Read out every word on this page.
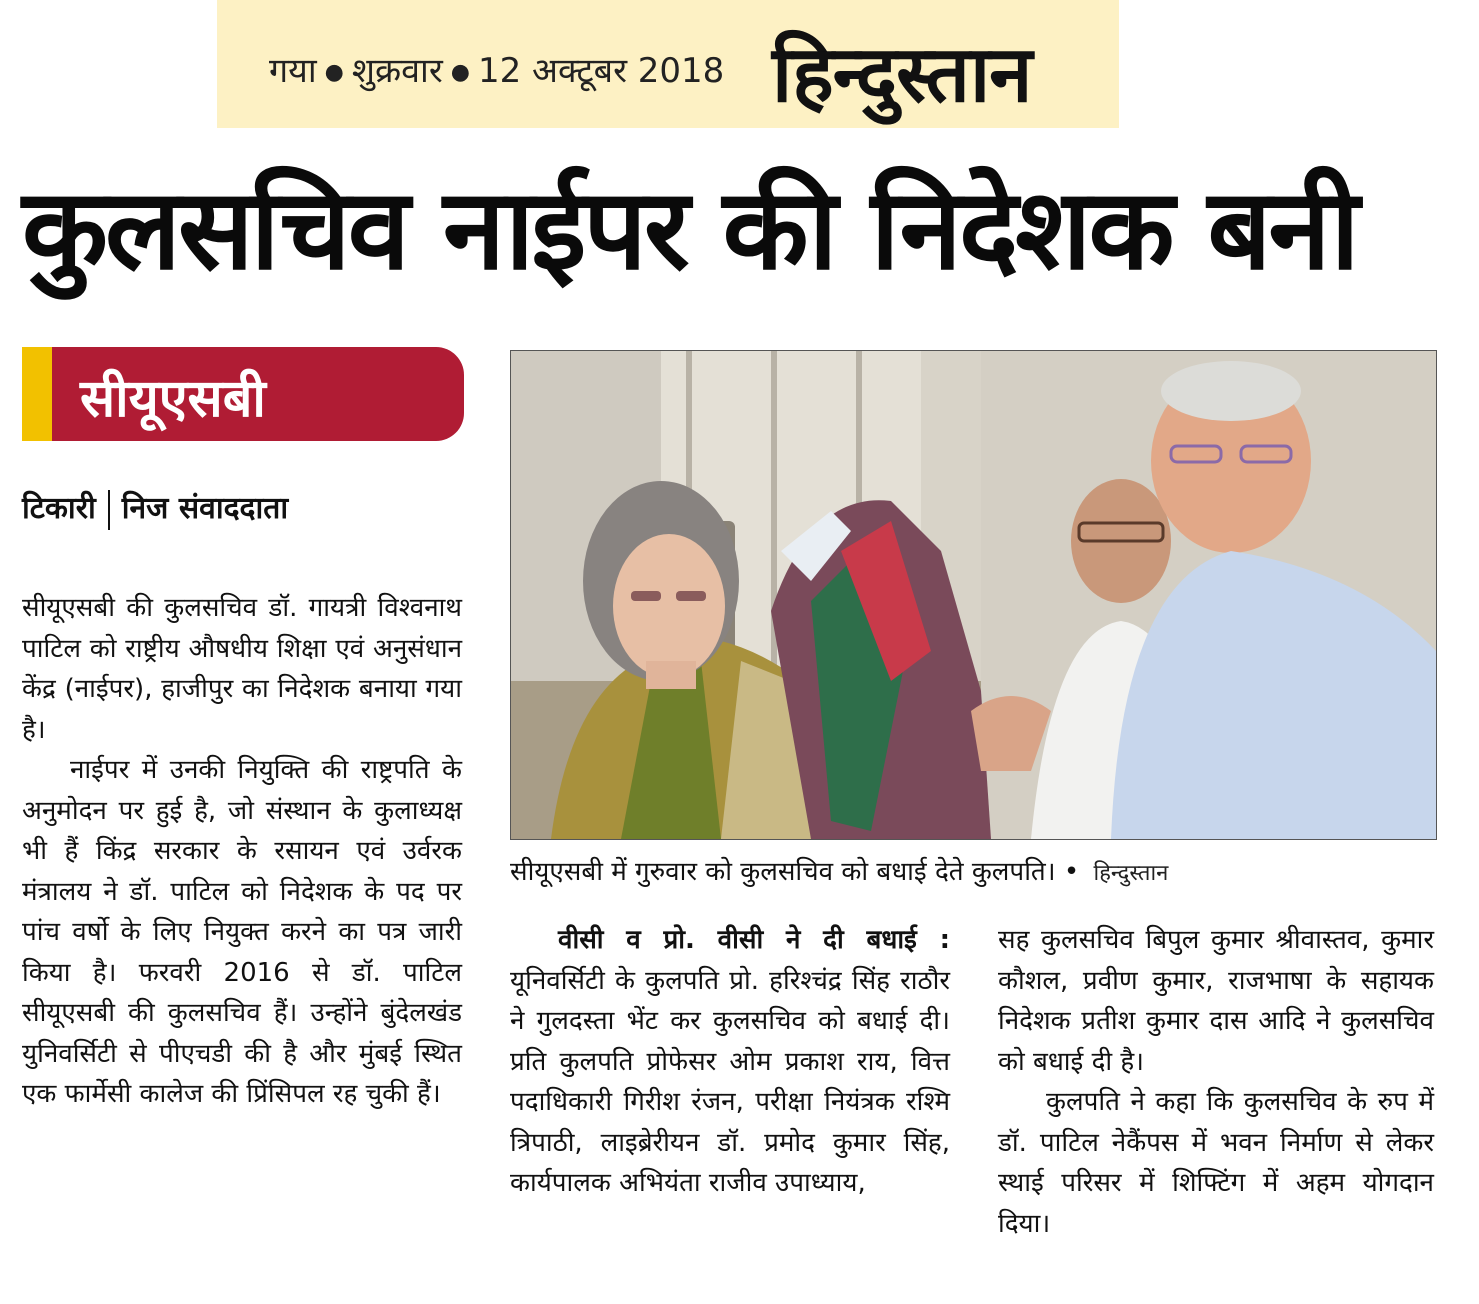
गया ● शुक्रवार ● 12 अक्टूबर 2018 हिन्दुस्तान
कुलसचिव नाईपर की निदेशक बनी
सीयूएसबी
टिकारी निज संवाददाता

सीयूएसबी की कुलसचिव डॉ. गायत्री विश्वनाथ पाटिल को राष्ट्रीय औषधीय शिक्षा एवं अनुसंधान केंद्र (नाईपर), हाजीपुर का निदेशक बनाया गया है।

नाईपर में उनकी नियुक्ति की राष्ट्रपति के अनुमोदन पर हुई है, जो संस्थान के कुलाध्यक्ष भी हैं किंद्र सरकार के रसायन एवं उर्वरक मंत्रालय ने डॉ. पाटिल को निदेशक के पद पर पांच वर्षो के लिए नियुक्त करने का पत्र जारी किया है। फरवरी 2016 से डॉ. पाटिल सीयूएसबी की कुलसचिव हैं। उन्होंने बुंदेलखंड युनिवर्सिटी से पीएचडी की है और मुंबई स्थित एक फार्मेसी कालेज की प्रिंसिपल रह चुकी हैं।

सीयूएसबी में गुरुवार को कुलसचिव को बधाई देते कुलपति। • हिन्दुस्तान

वीसी व प्रो. वीसी ने दी बधाई : यूनिवर्सिटी के कुलपति प्रो. हरिश्चंद्र सिंह राठौर ने गुलदस्ता भेंट कर कुलसचिव को बधाई दी। प्रति कुलपति प्रोफेसर ओम प्रकाश राय, वित्त पदाधिकारी गिरीश रंजन, परीक्षा नियंत्रक रश्मि त्रिपाठी, लाइब्रेरीयन डॉ. प्रमोद कुमार सिंह, कार्यपालक अभियंता राजीव उपाध्याय,

सह कुलसचिव बिपुल कुमार श्रीवास्तव, कुमार कौशल, प्रवीण कुमार, राजभाषा के सहायक निदेशक प्रतीश कुमार दास आदि ने कुलसचिव को बधाई दी है।

कुलपति ने कहा कि कुलसचिव के रुप में डॉ. पाटिल नेकैंपस में भवन निर्माण से लेकर स्थाई परिसर में शिफ्टिंग में अहम योगदान दिया।
